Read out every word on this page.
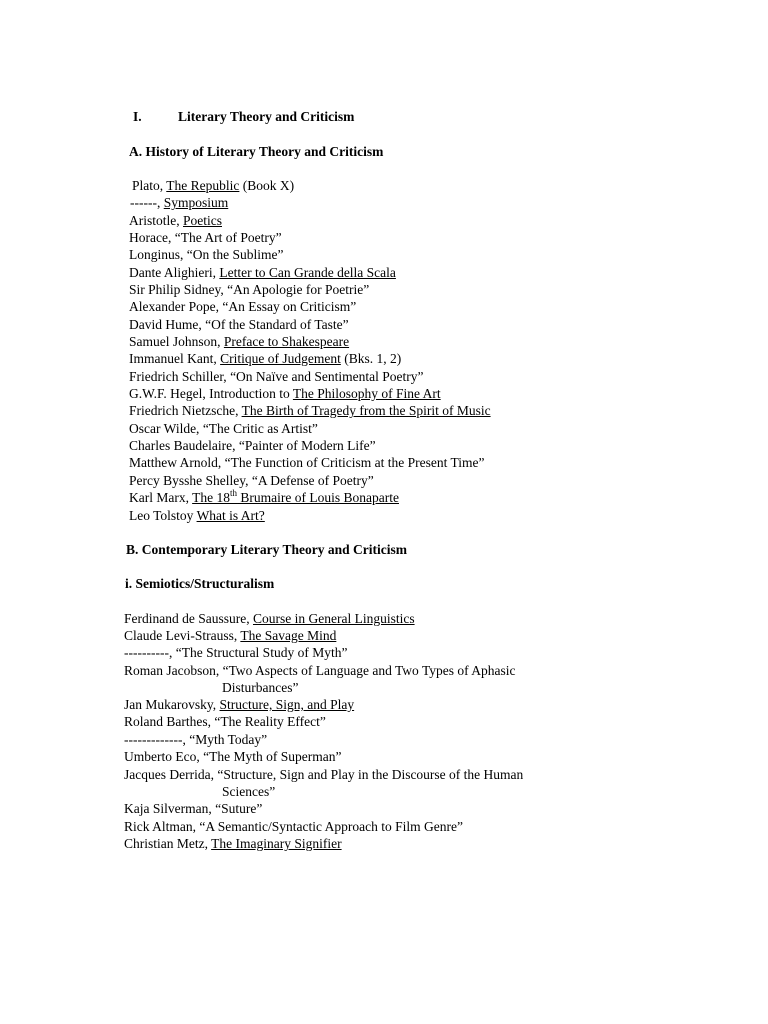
I.	Literary Theory and Criticism
A. History of Literary Theory and Criticism
Plato, The Republic (Book X)
------, Symposium
Aristotle, Poetics
Horace, “The Art of Poetry”
Longinus, “On the Sublime”
Dante Alighieri, Letter to Can Grande della Scala
Sir Philip Sidney, “An Apologie for Poetrie”
Alexander Pope, “An Essay on Criticism”
David Hume, “Of the Standard of Taste”
Samuel Johnson, Preface to Shakespeare
Immanuel Kant, Critique of Judgement (Bks. 1, 2)
Friedrich Schiller, “On Naïve and Sentimental Poetry”
G.W.F. Hegel, Introduction to The Philosophy of Fine Art
Friedrich Nietzsche, The Birth of Tragedy from the Spirit of Music
Oscar Wilde, “The Critic as Artist”
Charles Baudelaire, “Painter of Modern Life”
Matthew Arnold, “The Function of Criticism at the Present Time”
Percy Bysshe Shelley, “A Defense of Poetry”
Karl Marx, The 18th Brumaire of Louis Bonaparte
Leo Tolstoy What is Art?
B. Contemporary Literary Theory and Criticism
i. Semiotics/Structuralism
Ferdinand de Saussure, Course in General Linguistics
Claude Levi-Strauss, The Savage Mind
----------, “The Structural Study of Myth”
Roman Jacobson, “Two Aspects of Language and Two Types of Aphasic
Disturbances”
Jan Mukarovsky, Structure, Sign, and Play
Roland Barthes, “The Reality Effect”
-------------, “Myth Today”
Umberto Eco, “The Myth of Superman”
Jacques Derrida, “Structure, Sign and Play in the Discourse of the Human
Sciences”
Kaja Silverman, “Suture”
Rick Altman, “A Semantic/Syntactic Approach to Film Genre”
Christian Metz, The Imaginary Signifier
